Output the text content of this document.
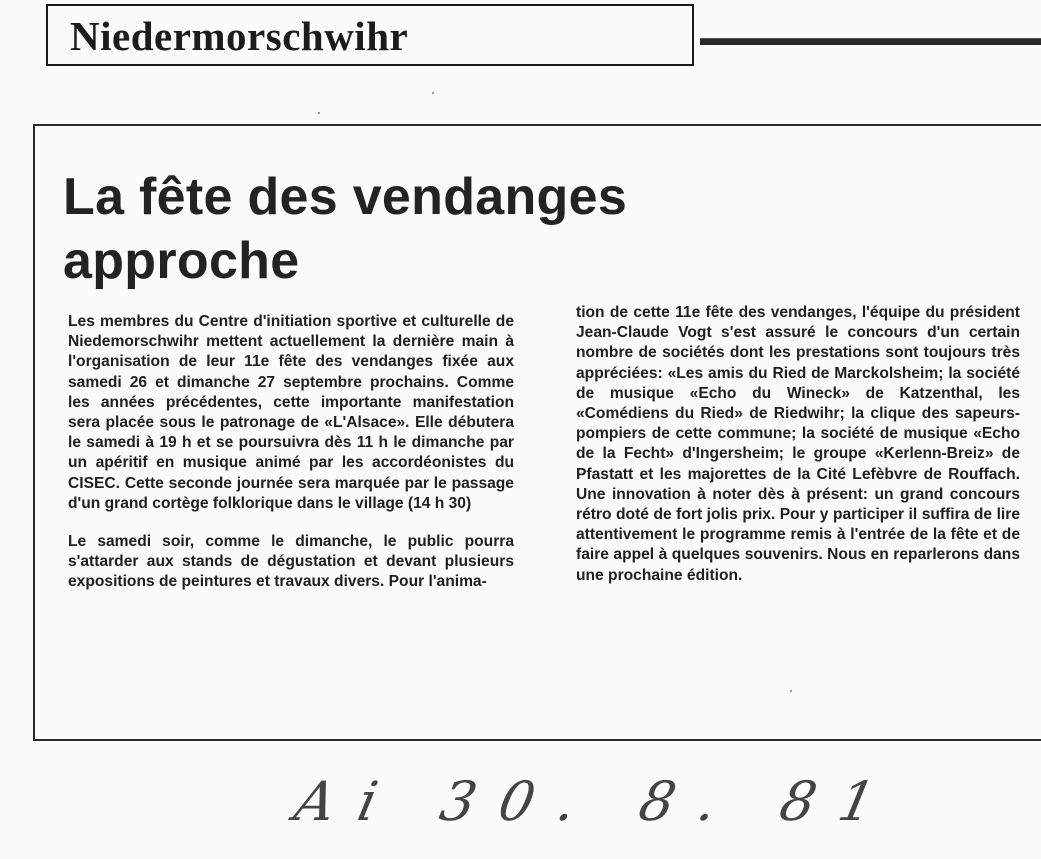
Niedermorschwihr
La fête des vendanges
approche

Les membres du Centre d'initiation sportive et culturelle de Niedemorschwihr mettent actuellement la dernière main à l'organisation de leur 11e fête des vendanges fixée aux samedi 26 et dimanche 27 septembre prochains. Comme les années précédentes, cette importante manifestation sera placée sous le patronage de «L'Alsace». Elle débutera le samedi à 19 h et se poursuivra dès 11 h le dimanche par un apéritif en musique animé par les accordéonistes du CISEC. Cette seconde journée sera marquée par le passage d'un grand cortège folklorique dans le village (14 h 30)

Le samedi soir, comme le dimanche, le public pourra s'attarder aux stands de dégustation et devant plusieurs expositions de peintures et travaux divers. Pour l'anima-

tion de cette 11e fête des vendanges, l'équipe du président Jean-Claude Vogt s'est assuré le concours d'un certain nombre de sociétés dont les prestations sont toujours très appréciées: «Les amis du Ried de Marckolsheim; la société de musique «Echo du Wineck» de Katzenthal, les «Comédiens du Ried» de Riedwihr; la clique des sapeurs-pompiers de cette commune; la société de musique «Echo de la Fecht» d'Ingersheim; le groupe «Kerlenn-Breiz» de Pfastatt et les majorettes de la Cité Lefèbvre de Rouffach. Une innovation à noter dès à présent: un grand concours rétro doté de fort jolis prix. Pour y participer il suffira de lire attentivement le programme remis à l'entrée de la fête et de faire appel à quelques souvenirs. Nous en reparlerons dans une prochaine édition.

Ai 30. 8. 81
